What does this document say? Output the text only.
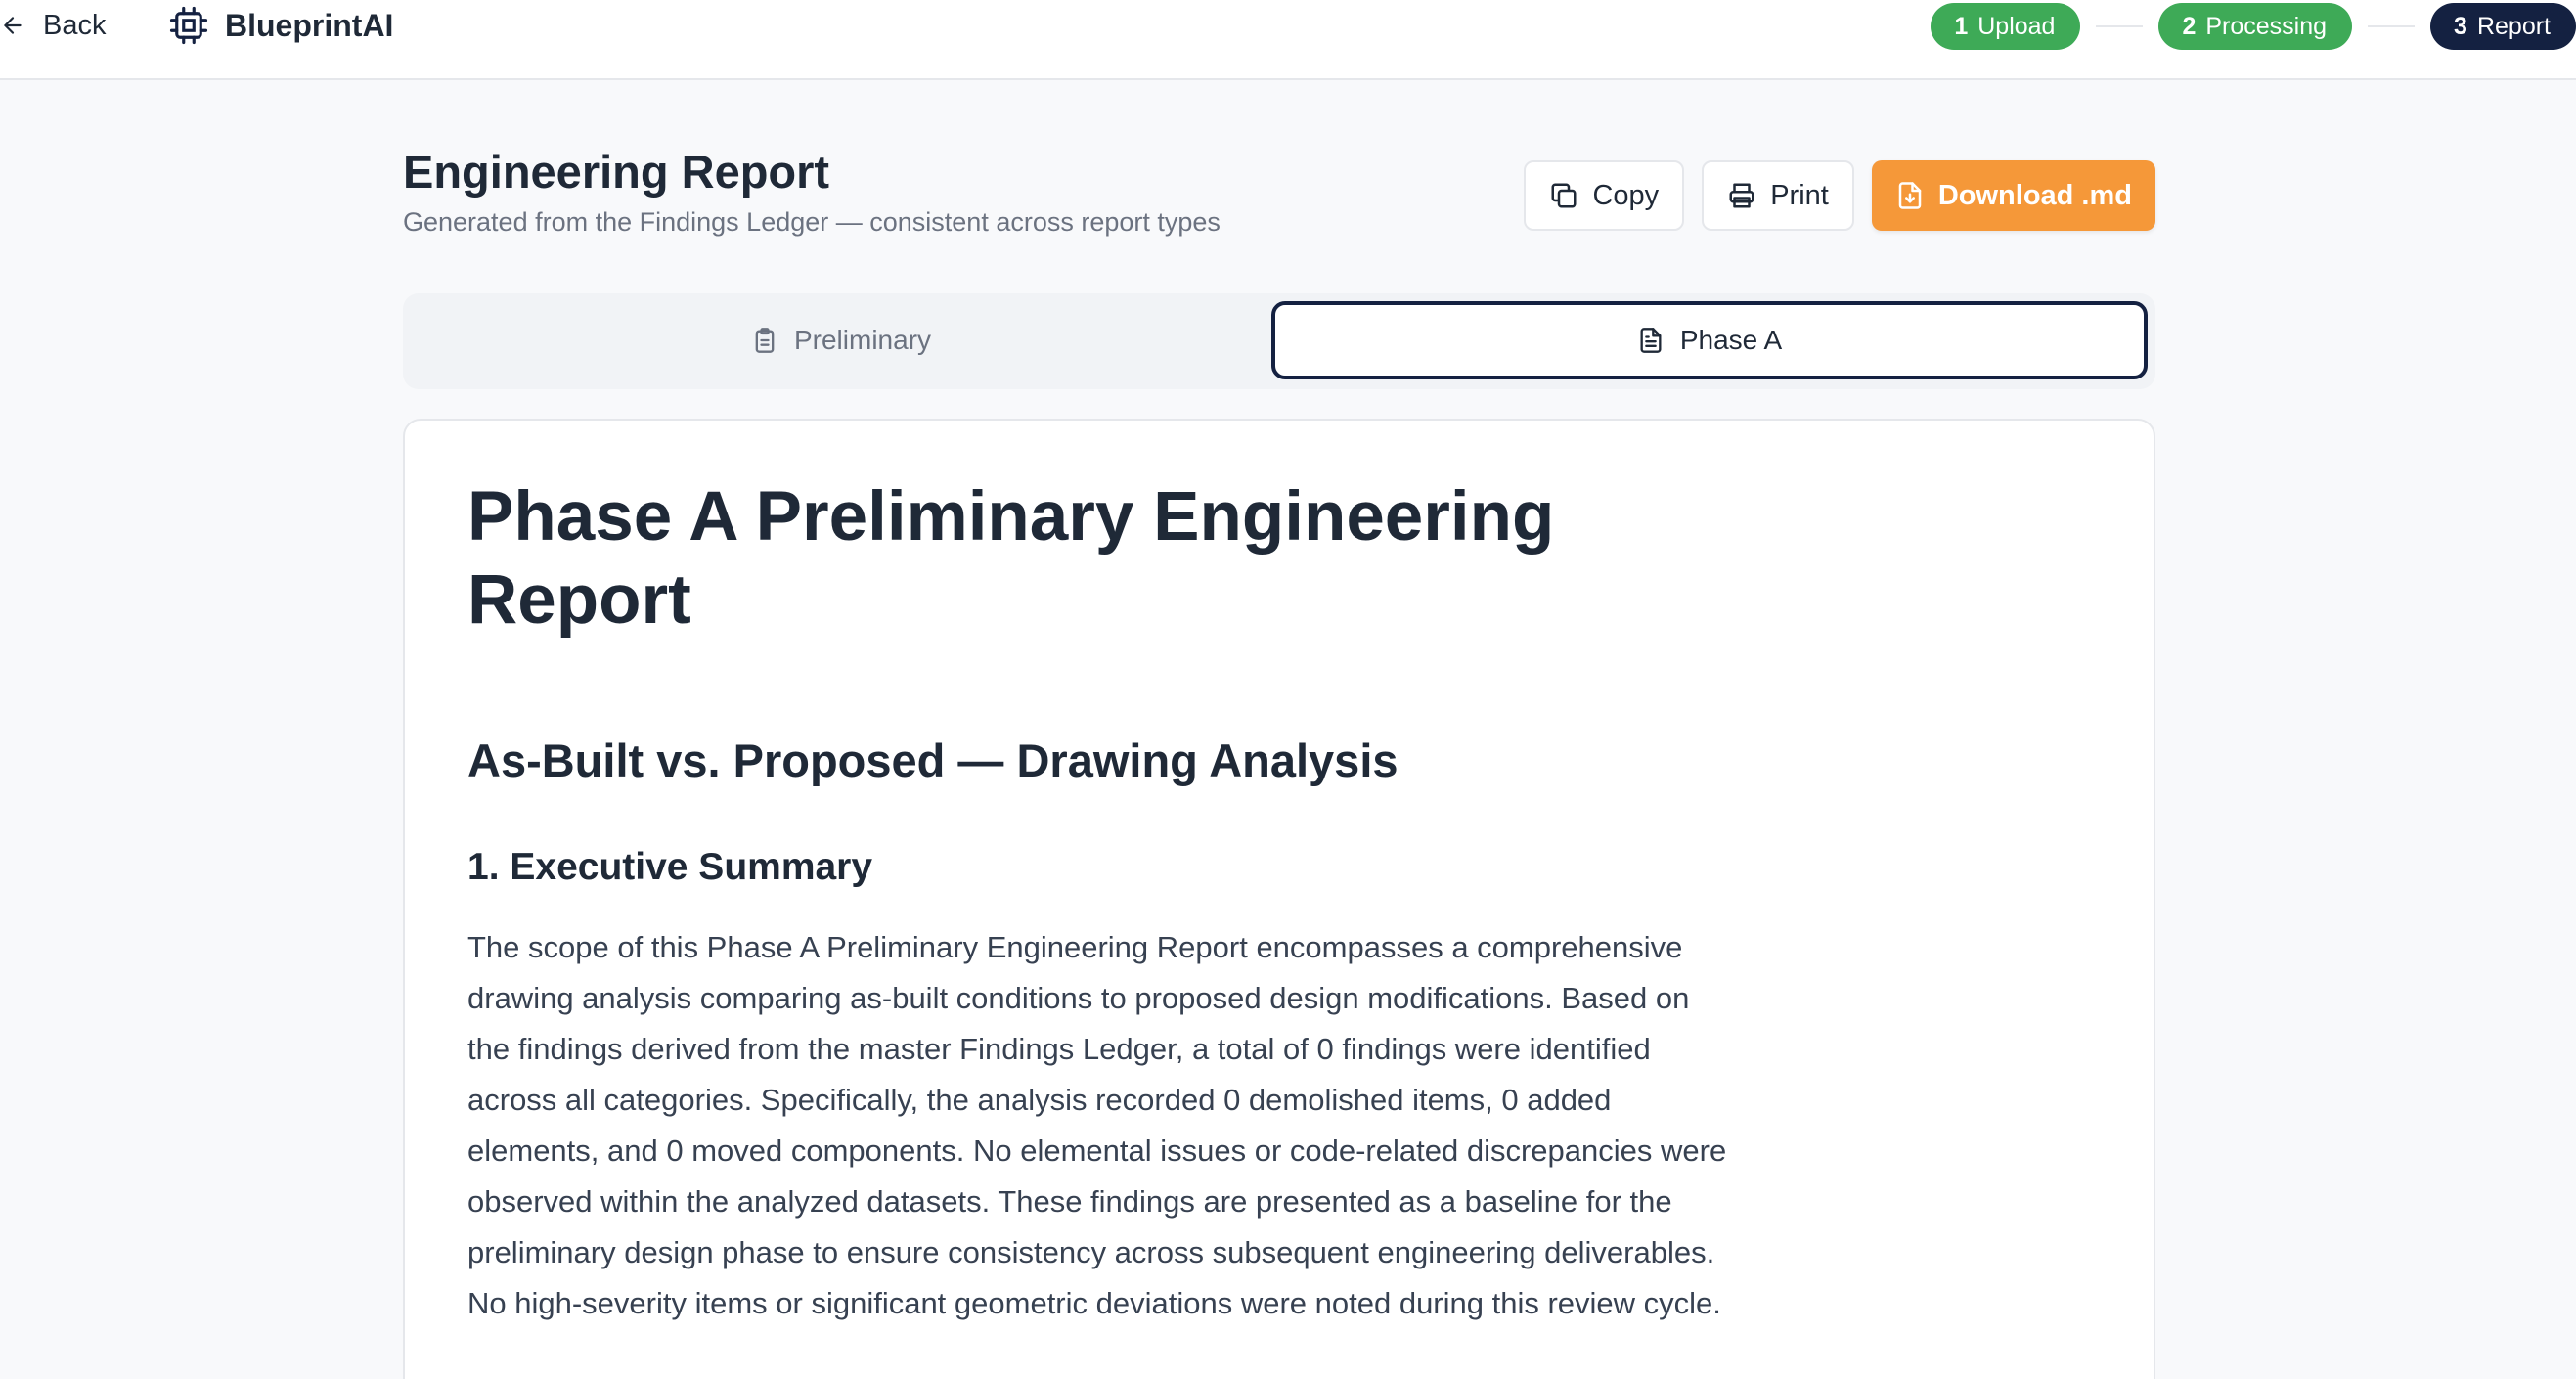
Back	BlueprintAI	1 Upload	2 Processing	3 Report
Engineering Report

Generated from the Findings Ledger — consistent across report types

Copy	Print	Download .md
Preliminary	Phase A
Phase A Preliminary Engineering Report
As-Built vs. Proposed — Drawing Analysis
1. Executive Summary

The scope of this Phase A Preliminary Engineering Report encompasses a comprehensive drawing analysis comparing as-built conditions to proposed design modifications. Based on the findings derived from the master Findings Ledger, a total of 0 findings were identified across all categories. Specifically, the analysis recorded 0 demolished items, 0 added elements, and 0 moved components. No elemental issues or code-related discrepancies were observed within the analyzed datasets. These findings are presented as a baseline for the preliminary design phase to ensure consistency across subsequent engineering deliverables. No high-severity items or significant geometric deviations were noted during this review cycle.
